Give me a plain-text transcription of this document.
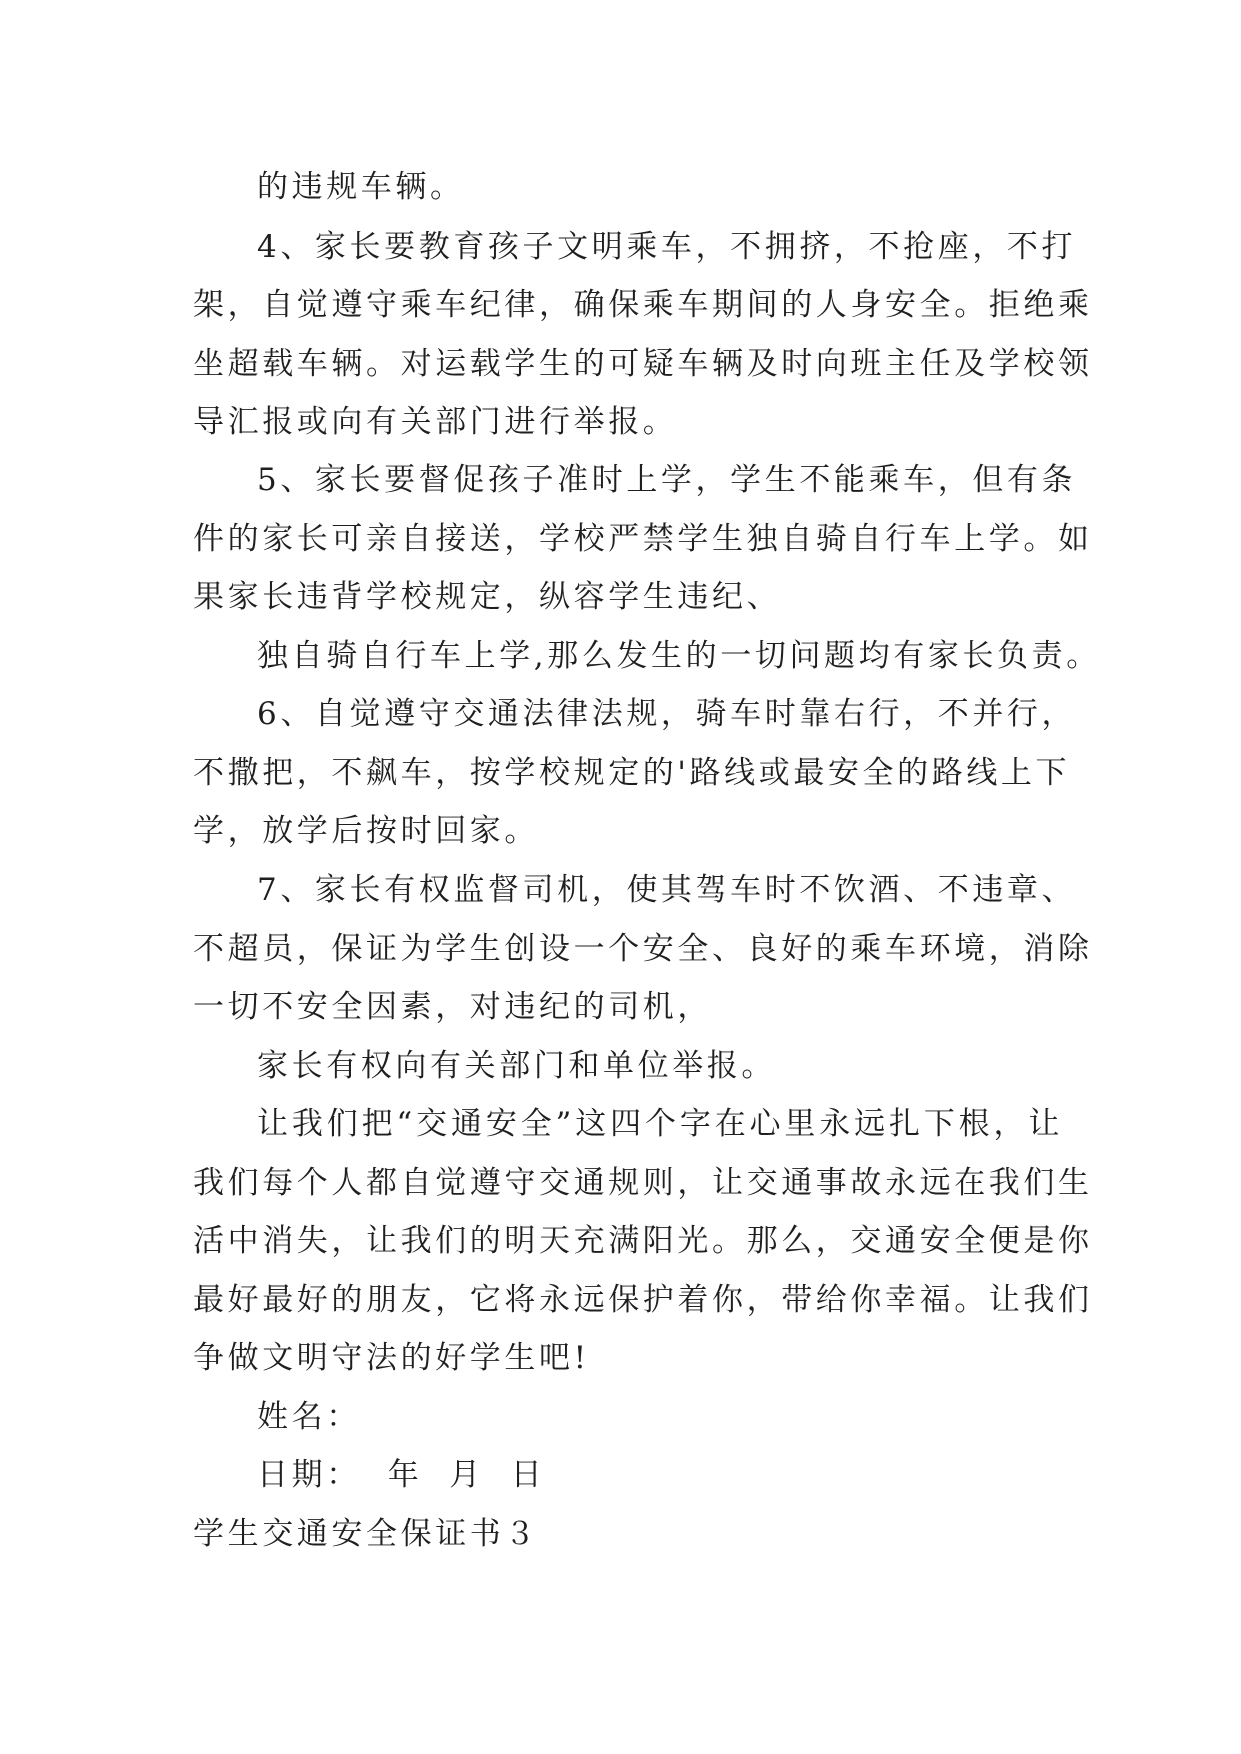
的违规车辆。
4、家长要教育孩子文明乘车，不拥挤，不抢座，不打
架，自觉遵守乘车纪律，确保乘车期间的人身安全。拒绝乘
坐超载车辆。对运载学生的可疑车辆及时向班主任及学校领
导汇报或向有关部门进行举报。
5、家长要督促孩子准时上学，学生不能乘车，但有条
件的家长可亲自接送，学校严禁学生独自骑自行车上学。如
果家长违背学校规定，纵容学生违纪、
独自骑自行车上学,那么发生的一切问题均有家长负责。
6、自觉遵守交通法律法规，骑车时靠右行，不并行，
不撒把，不飙车，按学校规定的'路线或最安全的路线上下
学，放学后按时回家。
7、家长有权监督司机，使其驾车时不饮酒、不违章、
不超员，保证为学生创设一个安全、良好的乘车环境，消除
一切不安全因素，对违纪的司机，
家长有权向有关部门和单位举报。
让我们把“交通安全”这四个字在心里永远扎下根，让
我们每个人都自觉遵守交通规则，让交通事故永远在我们生
活中消失，让我们的明天充满阳光。那么，交通安全便是你
最好最好的朋友，它将永远保护着你，带给你幸福。让我们
争做文明守法的好学生吧!
姓名：
日期：  年  月  日
学生交通安全保证书３
